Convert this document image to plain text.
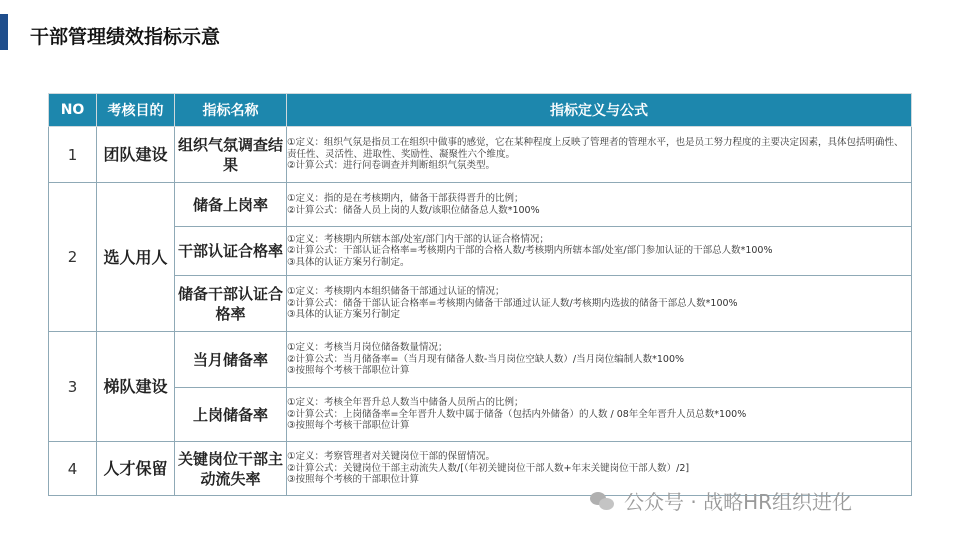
干部管理绩效指标示意
NO	考核目的	指标名称	指标定义与公式
1	团队建设	组织气氛调查结果	①定义：组织气氛是指员工在组织中做事的感觉，它在某种程度上反映了管理者的管理水平，也是员工努力程度的主要决定因素，具体包括明确性、责任性、灵活性、进取性、奖励性、凝聚性六个维度。
②计算公式：进行问卷调查并判断组织气氛类型。

2	选人用人	储备上岗率	①定义：指的是在考核期内，储备干部获得晋升的比例；
②计算公式：储备人员上岗的人数/该职位储备总人数*100%

		干部认证合格率	①定义：考核期内所辖本部/处室/部门内干部的认证合格情况；
②计算公式：干部认证合格率=考核期内干部的合格人数/考核期内所辖本部/处室/部门参加认证的干部总人数*100%
③具体的认证方案另行制定。

		储备干部认证合格率	①定义：考核期内本组织储备干部通过认证的情况；
②计算公式：储备干部认证合格率=考核期内储备干部通过认证人数/考核期内选拔的储备干部总人数*100%
③具体的认证方案另行制定

3	梯队建设	当月储备率	①定义：考核当月岗位储备数量情况；
②计算公式：当月储备率=（当月现有储备人数-当月岗位空缺人数）/当月岗位编制人数*100%
③按照每个考核干部职位计算

		上岗储备率	①定义：考核全年晋升总人数当中储备人员所占的比例；
②计算公式：上岗储备率=全年晋升人数中属于储备（包括内外储备）的人数 / 08年全年晋升人员总数*100%
③按照每个考核干部职位计算

4	人才保留	关键岗位干部主动流失率	①定义：考察管理者对关键岗位干部的保留情况。
②计算公式：关键岗位干部主动流失人数/[（年初关键岗位干部人数+年末关键岗位干部人数）/2]
③按照每个考核的干部职位计算
公众号 · 战略HR组织进化
